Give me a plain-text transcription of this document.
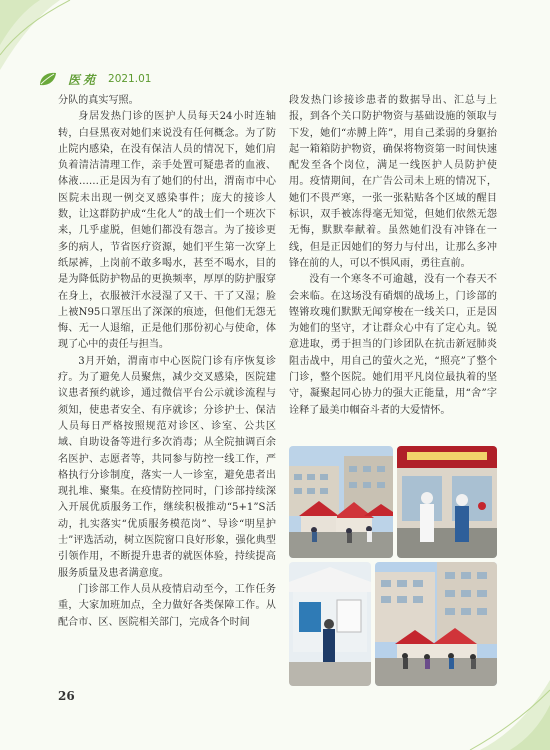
医苑 2021.01

分队的真实写照。

身居发热门诊的医护人员每天24小时连轴转，白昼黑夜对她们来说没有任何概念。为了防止院内感染，在没有保洁人员的情况下，她们肩负着清洁清理工作，亲手处置可疑患者的血液、体液……正是因为有了她们的付出，渭南市中心医院未出现一例交叉感染事件；庞大的接诊人数，让这群防护成“生化人”的战士们一个班次下来，几乎虚脱，但她们都没有怨言。为了接诊更多的病人，节省医疗资源，她们平生第一次穿上纸尿裤，上岗前不敢多喝水，甚至不喝水，目的是为降低防护物品的更换频率，厚厚的防护服穿在身上，衣服被汗水浸湿了又干、干了又湿；脸上被N95口罩压出了深深的痕迹，但他们无怨无悔、无一人退缩，正是他们那份初心与使命，体现了心中的责任与担当。

3月开始，渭南市中心医院门诊有序恢复诊疗。为了避免人员聚焦，减少交叉感染，医院建议患者预约就诊，通过微信平台公示就诊流程与须知，使患者安全、有序就诊；分诊护士、保洁人员每日严格按照规范对诊区、诊室、公共区域、自助设备等进行多次消毒；从全院抽调百余名医护、志愿者等，共同参与防控一线工作，严格执行分诊制度，落实一人一诊室，避免患者出现扎堆、聚集。在疫情防控同时，门诊部持续深入开展优质服务工作，继续积极推动“5+1”S活动，扎实落实“优质服务模范岗”、导诊“明星护士”评选活动，树立医院窗口良好形象，强化典型引领作用，不断提升患者的就医体验，持续提高服务质量及患者满意度。

门诊部工作人员从疫情启动至今，工作任务重，大家加班加点，全力做好各类保障工作。从配合市、区、医院相关部门，完成各个时间

段发热门诊接诊患者的数据导出、汇总与上报，到各个关口防护物资与基础设施的领取与下发，她们“赤膊上阵”，用自己柔弱的身躯抬起一箱箱防护物资，确保将物资第一时间快速配发至各个岗位，满足一线医护人员防护使用。疫情期间，在广告公司未上班的情况下，她们不畏严寒，一张一张粘贴各个区域的醒目标识，双手被冻得毫无知觉，但她们依然无怨无悔，默默奉献着。虽然她们没有冲锋在一线，但是正因她们的努力与付出，让那么多冲锋在前的人，可以不惧风雨，勇往直前。

没有一个寒冬不可逾越，没有一个春天不会来临。在这场没有硝烟的战场上，门诊部的铿锵玫瑰们默默无闻穿梭在一线关口，正是因为她们的坚守，才让群众心中有了定心丸。锐意进取，勇于担当的门诊团队在抗击新冠肺炎阻击战中，用自己的萤火之光，“照亮”了整个门诊，整个医院。她们用平凡岗位最执着的坚守，凝聚起同心协力的强大正能量，用“舍”字诠释了最美巾帼奋斗者的大爱情怀。

26
